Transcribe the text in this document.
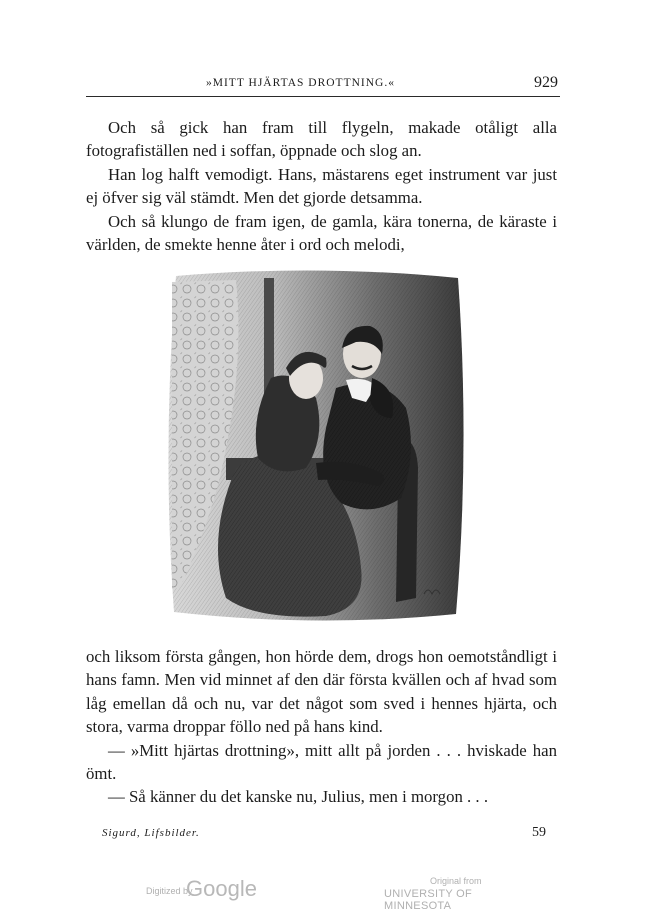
»MITT HJÄRTAS DROTTNING.«	929

Och så gick han fram till flygeln, makade otåligt alla fotografiställen ned i soffan, öppnade och slog an.

Han log halft vemodigt. Hans, mästarens eget instrument var just ej öfver sig väl stämdt. Men det gjorde detsamma.

Och så klungo de fram igen, de gamla, kära tonerna, de käraste i världen, de smekte henne åter i ord och melodi,

och liksom första gången, hon hörde dem, drogs hon oemotståndligt i hans famn. Men vid minnet af den där första kvällen och af hvad som låg emellan då och nu, var det något som sved i hennes hjärta, och stora, varma droppar föllo ned på hans kind.

— »Mitt hjärtas drottning», mitt allt på jorden . . . hviskade han ömt.

— Så känner du det kanske nu, Julius, men i morgon . . .

Sigurd, Lifsbilder.	59
Digitized by
Google	Original from
UNIVERSITY OF MINNESOTA
